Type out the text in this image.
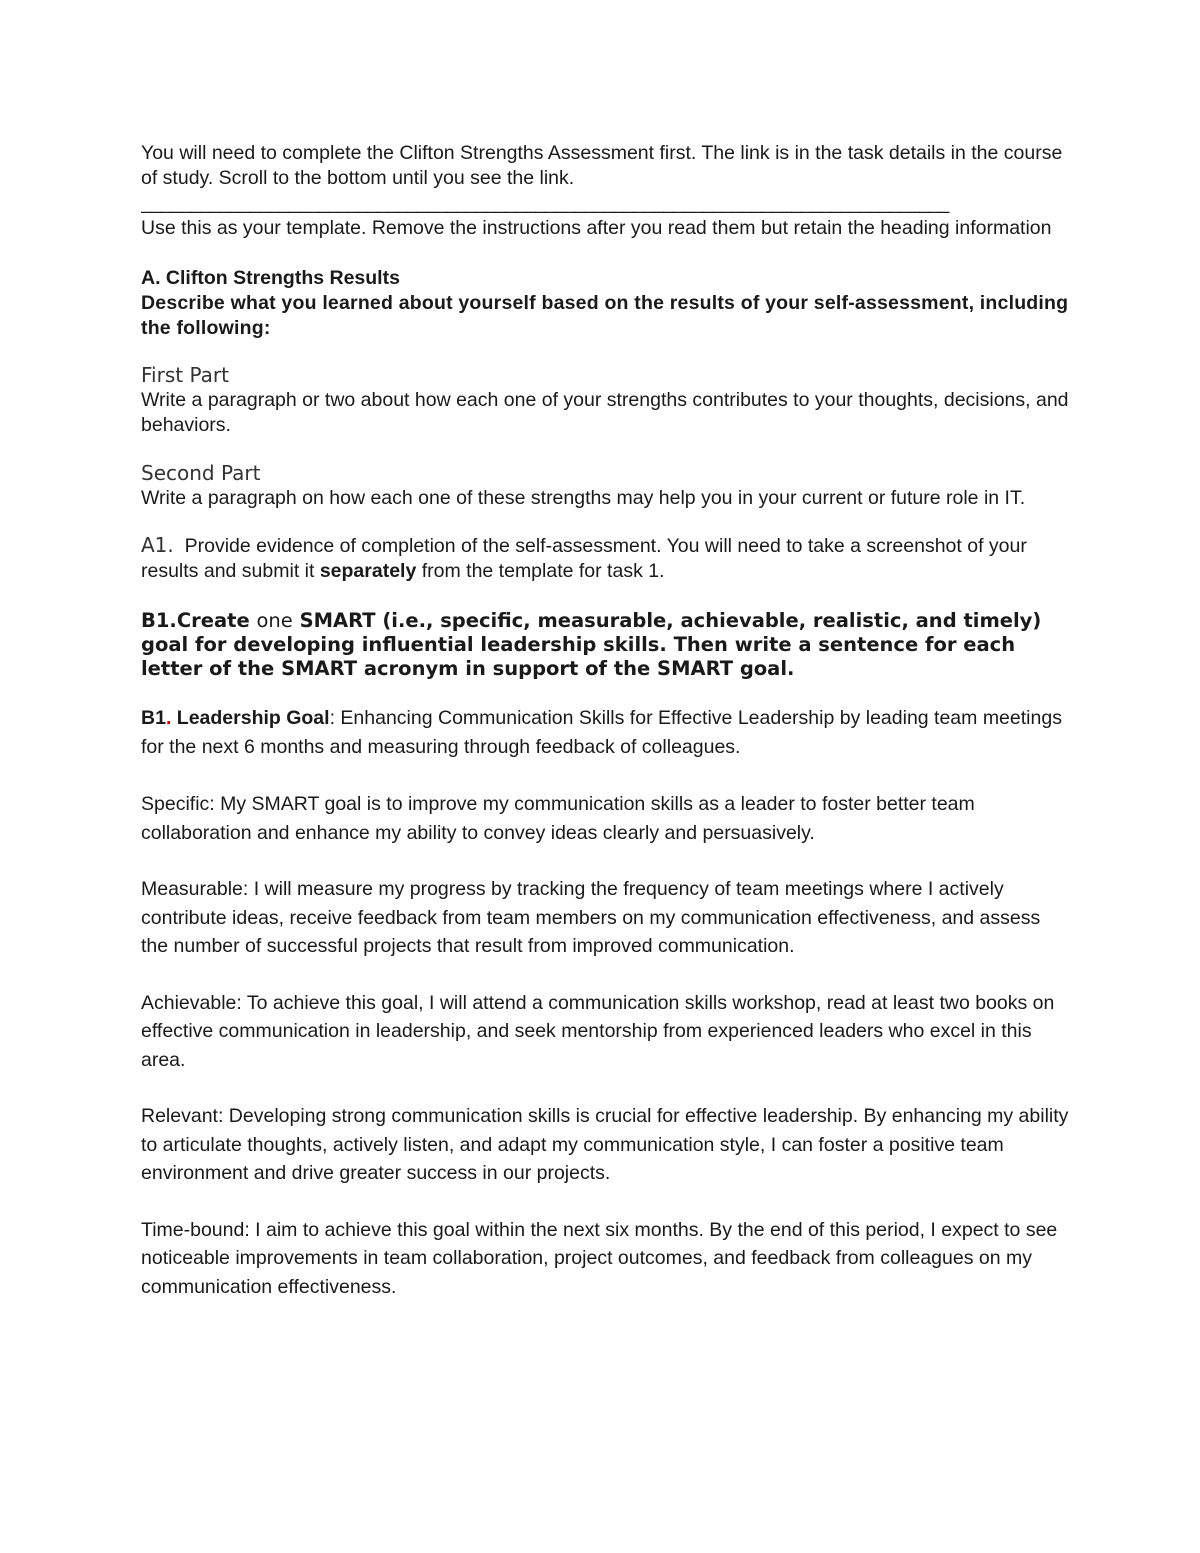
You will need to complete the Clifton Strengths Assessment first. The link is in the task details in the course of study. Scroll to the bottom until you see the link.

__________________________________________________________________________________

Use this as your template. Remove the instructions after you read them but retain the heading information

A. Clifton Strengths Results

Describe what you learned about yourself based on the results of your self-assessment, including the following:

First Part

Write a paragraph or two about how each one of your strengths contributes to your thoughts, decisions, and behaviors.

Second Part

Write a paragraph on how each one of these strengths may help you in your current or future role in IT.

A1. Provide evidence of completion of the self-assessment. You will need to take a screenshot of your results and submit it separately from the template for task 1.

B1.Create one SMART (i.e., specific, measurable, achievable, realistic, and timely) goal for developing influential leadership skills. Then write a sentence for each letter of the SMART acronym in support of the SMART goal.

B1. Leadership Goal: Enhancing Communication Skills for Effective Leadership by leading team meetings for the next 6 months and measuring through feedback of colleagues.

Specific: My SMART goal is to improve my communication skills as a leader to foster better team collaboration and enhance my ability to convey ideas clearly and persuasively.

Measurable: I will measure my progress by tracking the frequency of team meetings where I actively contribute ideas, receive feedback from team members on my communication effectiveness, and assess the number of successful projects that result from improved communication.

Achievable: To achieve this goal, I will attend a communication skills workshop, read at least two books on effective communication in leadership, and seek mentorship from experienced leaders who excel in this area.

Relevant: Developing strong communication skills is crucial for effective leadership. By enhancing my ability to articulate thoughts, actively listen, and adapt my communication style, I can foster a positive team environment and drive greater success in our projects.

Time-bound: I aim to achieve this goal within the next six months. By the end of this period, I expect to see noticeable improvements in team collaboration, project outcomes, and feedback from colleagues on my communication effectiveness.
